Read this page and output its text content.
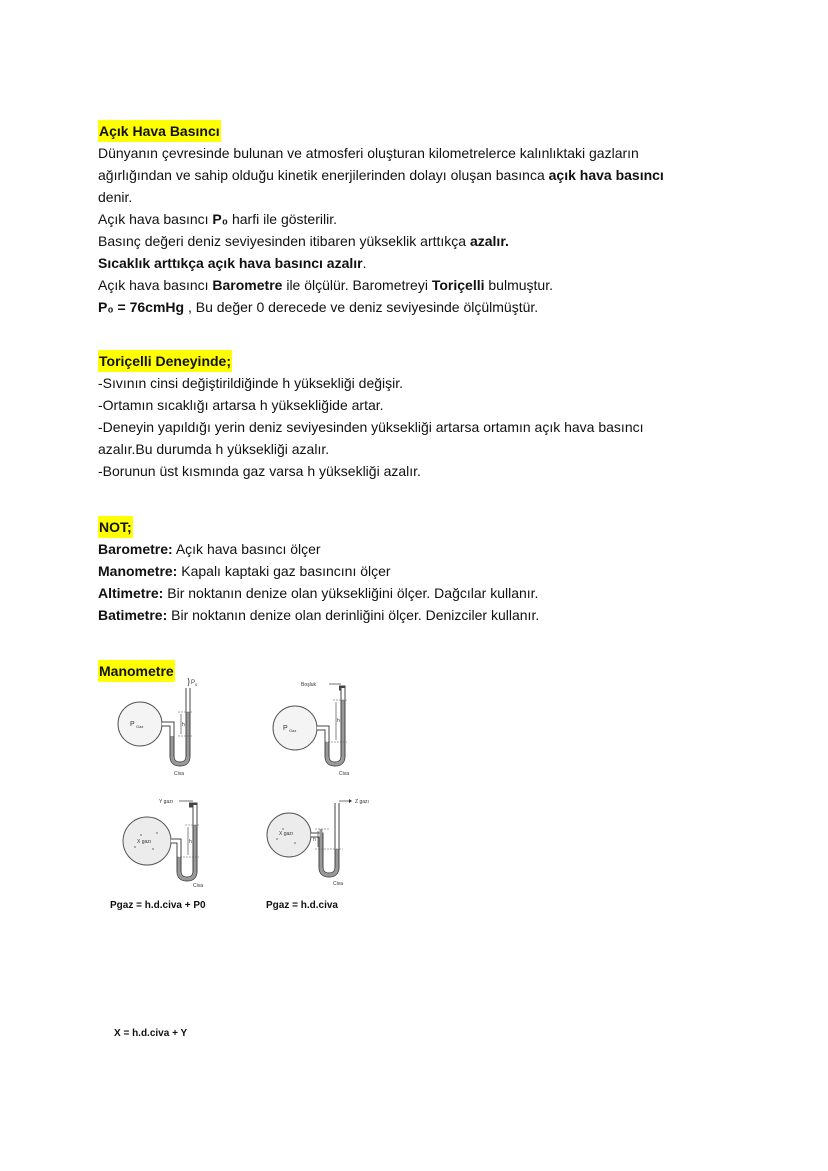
Açık Hava Basıncı
Dünyanın çevresinde bulunan ve atmosferi oluşturan kilometrelerce kalınlıktaki gazların
ağırlığından ve sahip olduğu kinetik enerjilerinden dolayı oluşan basınca açık hava basıncı
denir.
Açık hava basıncı P₀ harfi ile gösterilir.
Basınç değeri deniz seviyesinden itibaren yükseklik arttıkça azalır.
Sıcaklık arttıkça açık hava basıncı azalır.
Açık hava basıncı Barometre ile ölçülür. Barometreyi Toriçelli bulmuştur.
P₀ = 76cmHg , Bu değer 0 derecede ve deniz seviyesinde ölçülmüştür.
Toriçelli Deneyinde;
-Sıvının cinsi değiştirildiğinde h yüksekliği değişir.
-Ortamın sıcaklığı artarsa h yüksekliğide artar.
-Deneyin yapıldığı yerin deniz seviyesinden yüksekliği artarsa ortamın açık hava basıncı
azalır.Bu durumda h yüksekliği azalır.
-Borunun üst kısmında gaz varsa h yüksekliği azalır.
NOT;
Barometre: Açık hava basıncı ölçer
Manometre: Kapalı kaptaki gaz basıncını ölçer
Altimetre: Bir noktanın denize olan yüksekliğini ölçer. Dağcılar kullanır.
Batimetre: Bir noktanın denize olan derinliğini ölçer. Denizciler kullanır.
Manometre
P Gaz	h
P 0
Civa
Pgaz = h.d.civa + P0
P Gaz
h
Boşluk
Civa
Pgaz = h.d.civa
X gazı	h
Y gazı
Civa
X = h.d.civa + Y
X gazı
h
Z gazı
Civa
